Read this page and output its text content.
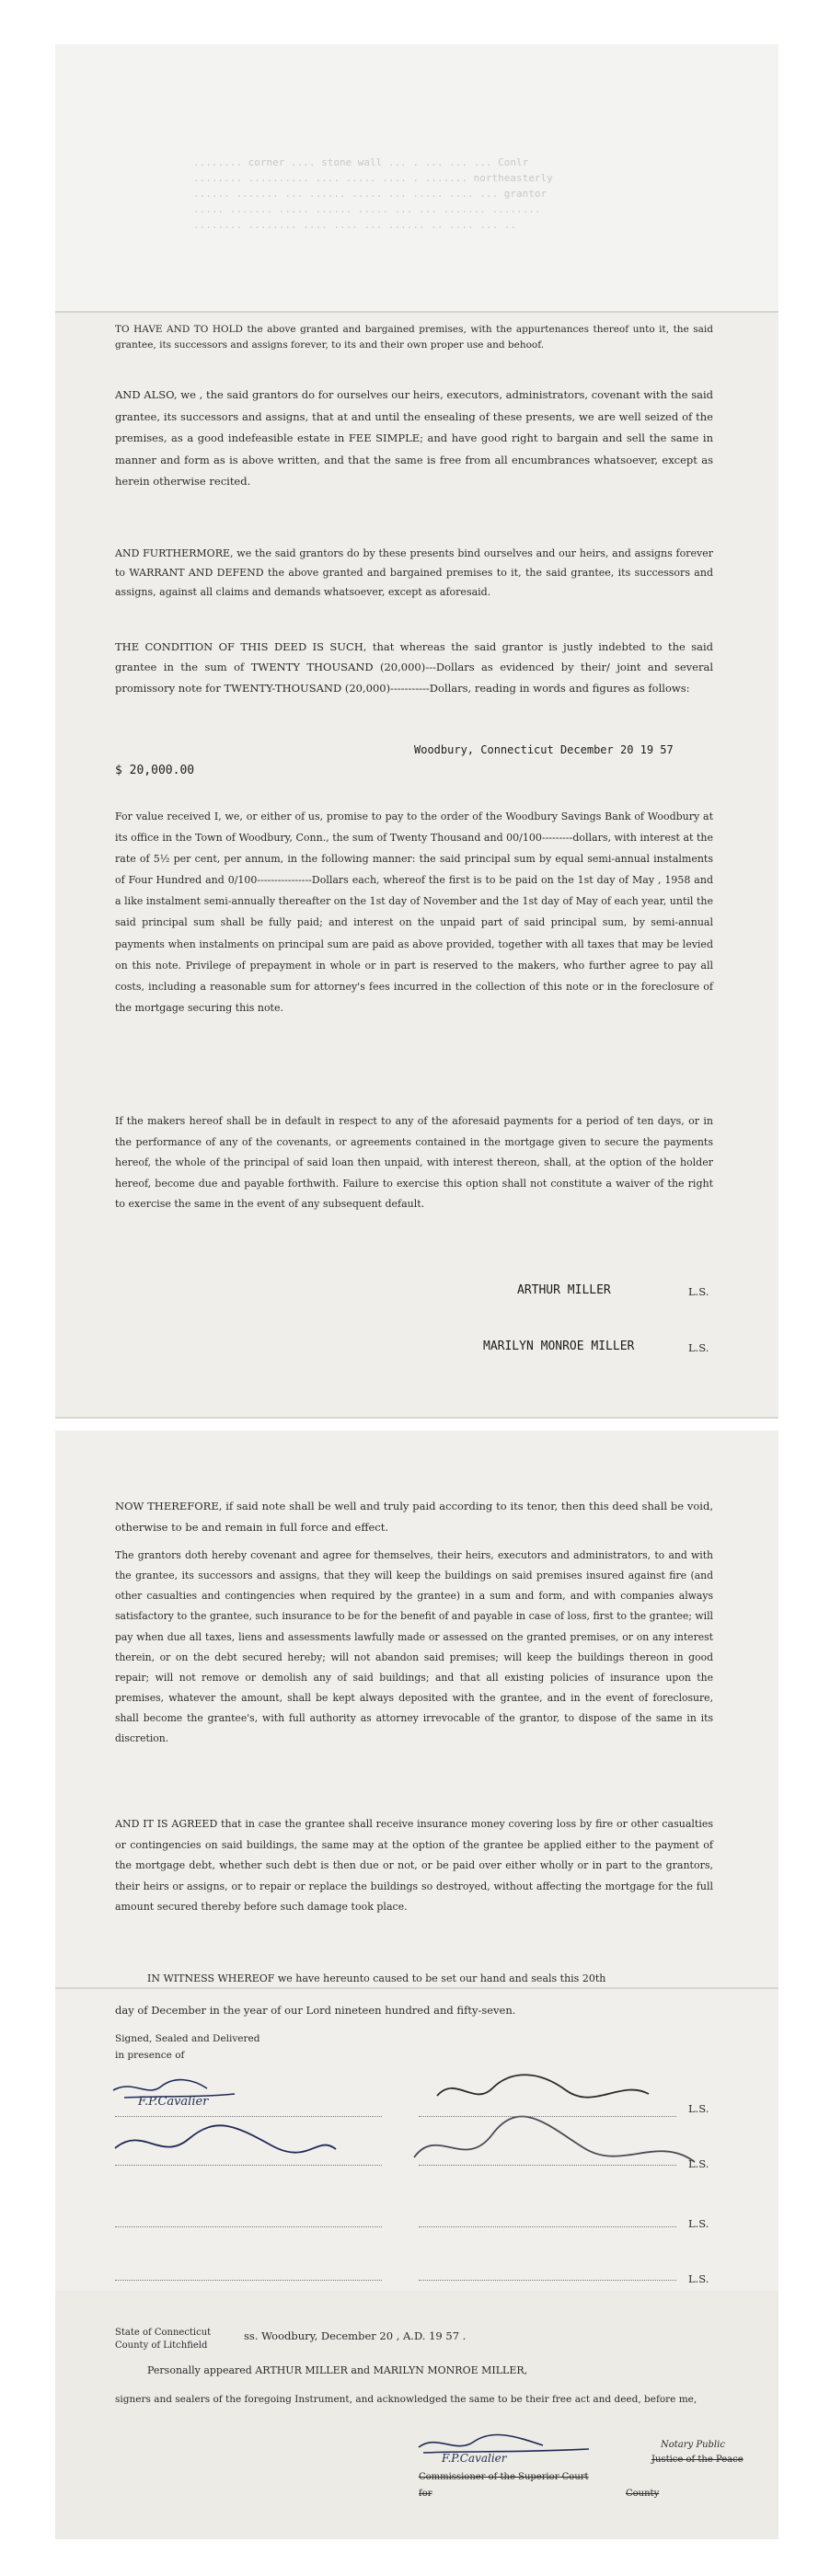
........ corner .... stone wall ... . ... ... ... Conlr
........ .......... .... ..... .... . ....... northeasterly
...... ....... ... ...... ..... ... ..... .... ... grantor
..... ....... ..... ...... ..... ... ... ....... ........
........ ........ .... .... ... ...... .. .... ... ..
TO HAVE AND TO HOLD the above granted and bargained premises, with the appurtenances thereof unto it, the said grantee, its successors and assigns forever, to its and their own proper use and behoof.
AND ALSO, we , the said grantors do for ourselves our heirs, executors, administrators, covenant with the said grantee, its successors and assigns, that at and until the ensealing of these presents, we are well seized of the premises, as a good indefeasible estate in FEE SIMPLE; and have good right to bargain and sell the same in manner and form as is above written, and that the same is free from all encumbrances whatsoever, except as herein otherwise recited.
AND FURTHERMORE, we the said grantors do by these presents bind ourselves and our heirs, and assigns forever to WARRANT AND DEFEND the above granted and bargained premises to it, the said grantee, its successors and assigns, against all claims and demands whatsoever, except as aforesaid.
THE CONDITION OF THIS DEED IS SUCH, that whereas the said grantor is justly indebted to the said grantee in the sum of TWENTY THOUSAND (20,000)---Dollars as evidenced by their/ joint and several promissory note for TWENTY-THOUSAND (20,000)-----------Dollars, reading in words and figures as follows:
Woodbury, Connecticut December 20 19 57
$ 20,000.00
For value received I, we, or either of us, promise to pay to the order of the Woodbury Savings Bank of Woodbury at its office in the Town of Woodbury, Conn., the sum of Twenty Thousand and 00/100---------dollars, with interest at the rate of 5½ per cent, per annum, in the following manner: the said principal sum by equal semi-annual instalments of Four Hundred and 0/100----------------Dollars each, whereof the first is to be paid on the 1st day of May , 1958 and a like instalment semi-annually thereafter on the 1st day of November and the 1st day of May of each year, until the said principal sum shall be fully paid; and interest on the unpaid part of said principal sum, by semi-annual payments when instalments on principal sum are paid as above provided, together with all taxes that may be levied on this note. Privilege of prepayment in whole or in part is reserved to the makers, who further agree to pay all costs, including a reasonable sum for attorney's fees incurred in the collection of this note or in the foreclosure of the mortgage securing this note.
If the makers hereof shall be in default in respect to any of the aforesaid payments for a period of ten days, or in the performance of any of the covenants, or agreements contained in the mortgage given to secure the payments hereof, the whole of the principal of said loan then unpaid, with interest thereon, shall, at the option of the holder hereof, become due and payable forthwith. Failure to exercise this option shall not constitute a waiver of the right to exercise the same in the event of any subsequent default.
ARTHUR MILLER	L.S.
MARILYN MONROE MILLER	L.S.
NOW THEREFORE, if said note shall be well and truly paid according to its tenor, then this deed shall be void, otherwise to be and remain in full force and effect.
The grantors doth hereby covenant and agree for themselves, their heirs, executors and administrators, to and with the grantee, its successors and assigns, that they will keep the buildings on said premises insured against fire (and other casualties and contingencies when required by the grantee) in a sum and form, and with companies always satisfactory to the grantee, such insurance to be for the benefit of and payable in case of loss, first to the grantee; will pay when due all taxes, liens and assessments lawfully made or assessed on the granted premises, or on any interest therein, or on the debt secured hereby; will not abandon said premises; will keep the buildings thereon in good repair; will not remove or demolish any of said buildings; and that all existing policies of insurance upon the premises, whatever the amount, shall be kept always deposited with the grantee, and in the event of foreclosure, shall become the grantee's, with full authority as attorney irrevocable of the grantor, to dispose of the same in its discretion.
AND IT IS AGREED that in case the grantee shall receive insurance money covering loss by fire or other casualties or contingencies on said buildings, the same may at the option of the grantee be applied either to the payment of the mortgage debt, whether such debt is then due or not, or be paid over either wholly or in part to the grantors, their heirs or assigns, or to repair or replace the buildings so destroyed, without affecting the mortgage for the full amount secured thereby before such damage took place.
IN WITNESS WHEREOF we have hereunto caused to be set our hand and seals this 20th
day of December in the year of our Lord nineteen hundred and fifty-seven.
Signed, Sealed and Delivered
in presence of
F.P.Cavalier	L.S.
L.S.
L.S.
L.S.
State of Connecticut
County of Litchfield
ss. Woodbury, December 20 , A.D. 19 57 .
Personally appeared ARTHUR MILLER and MARILYN MONROE MILLER,
signers and sealers of the foregoing Instrument, and acknowledged the same to be their free act and deed, before me,
F.P.Cavalier
Notary Public
Justice of the Peace
Commissioner of the Superior Court
for	County
